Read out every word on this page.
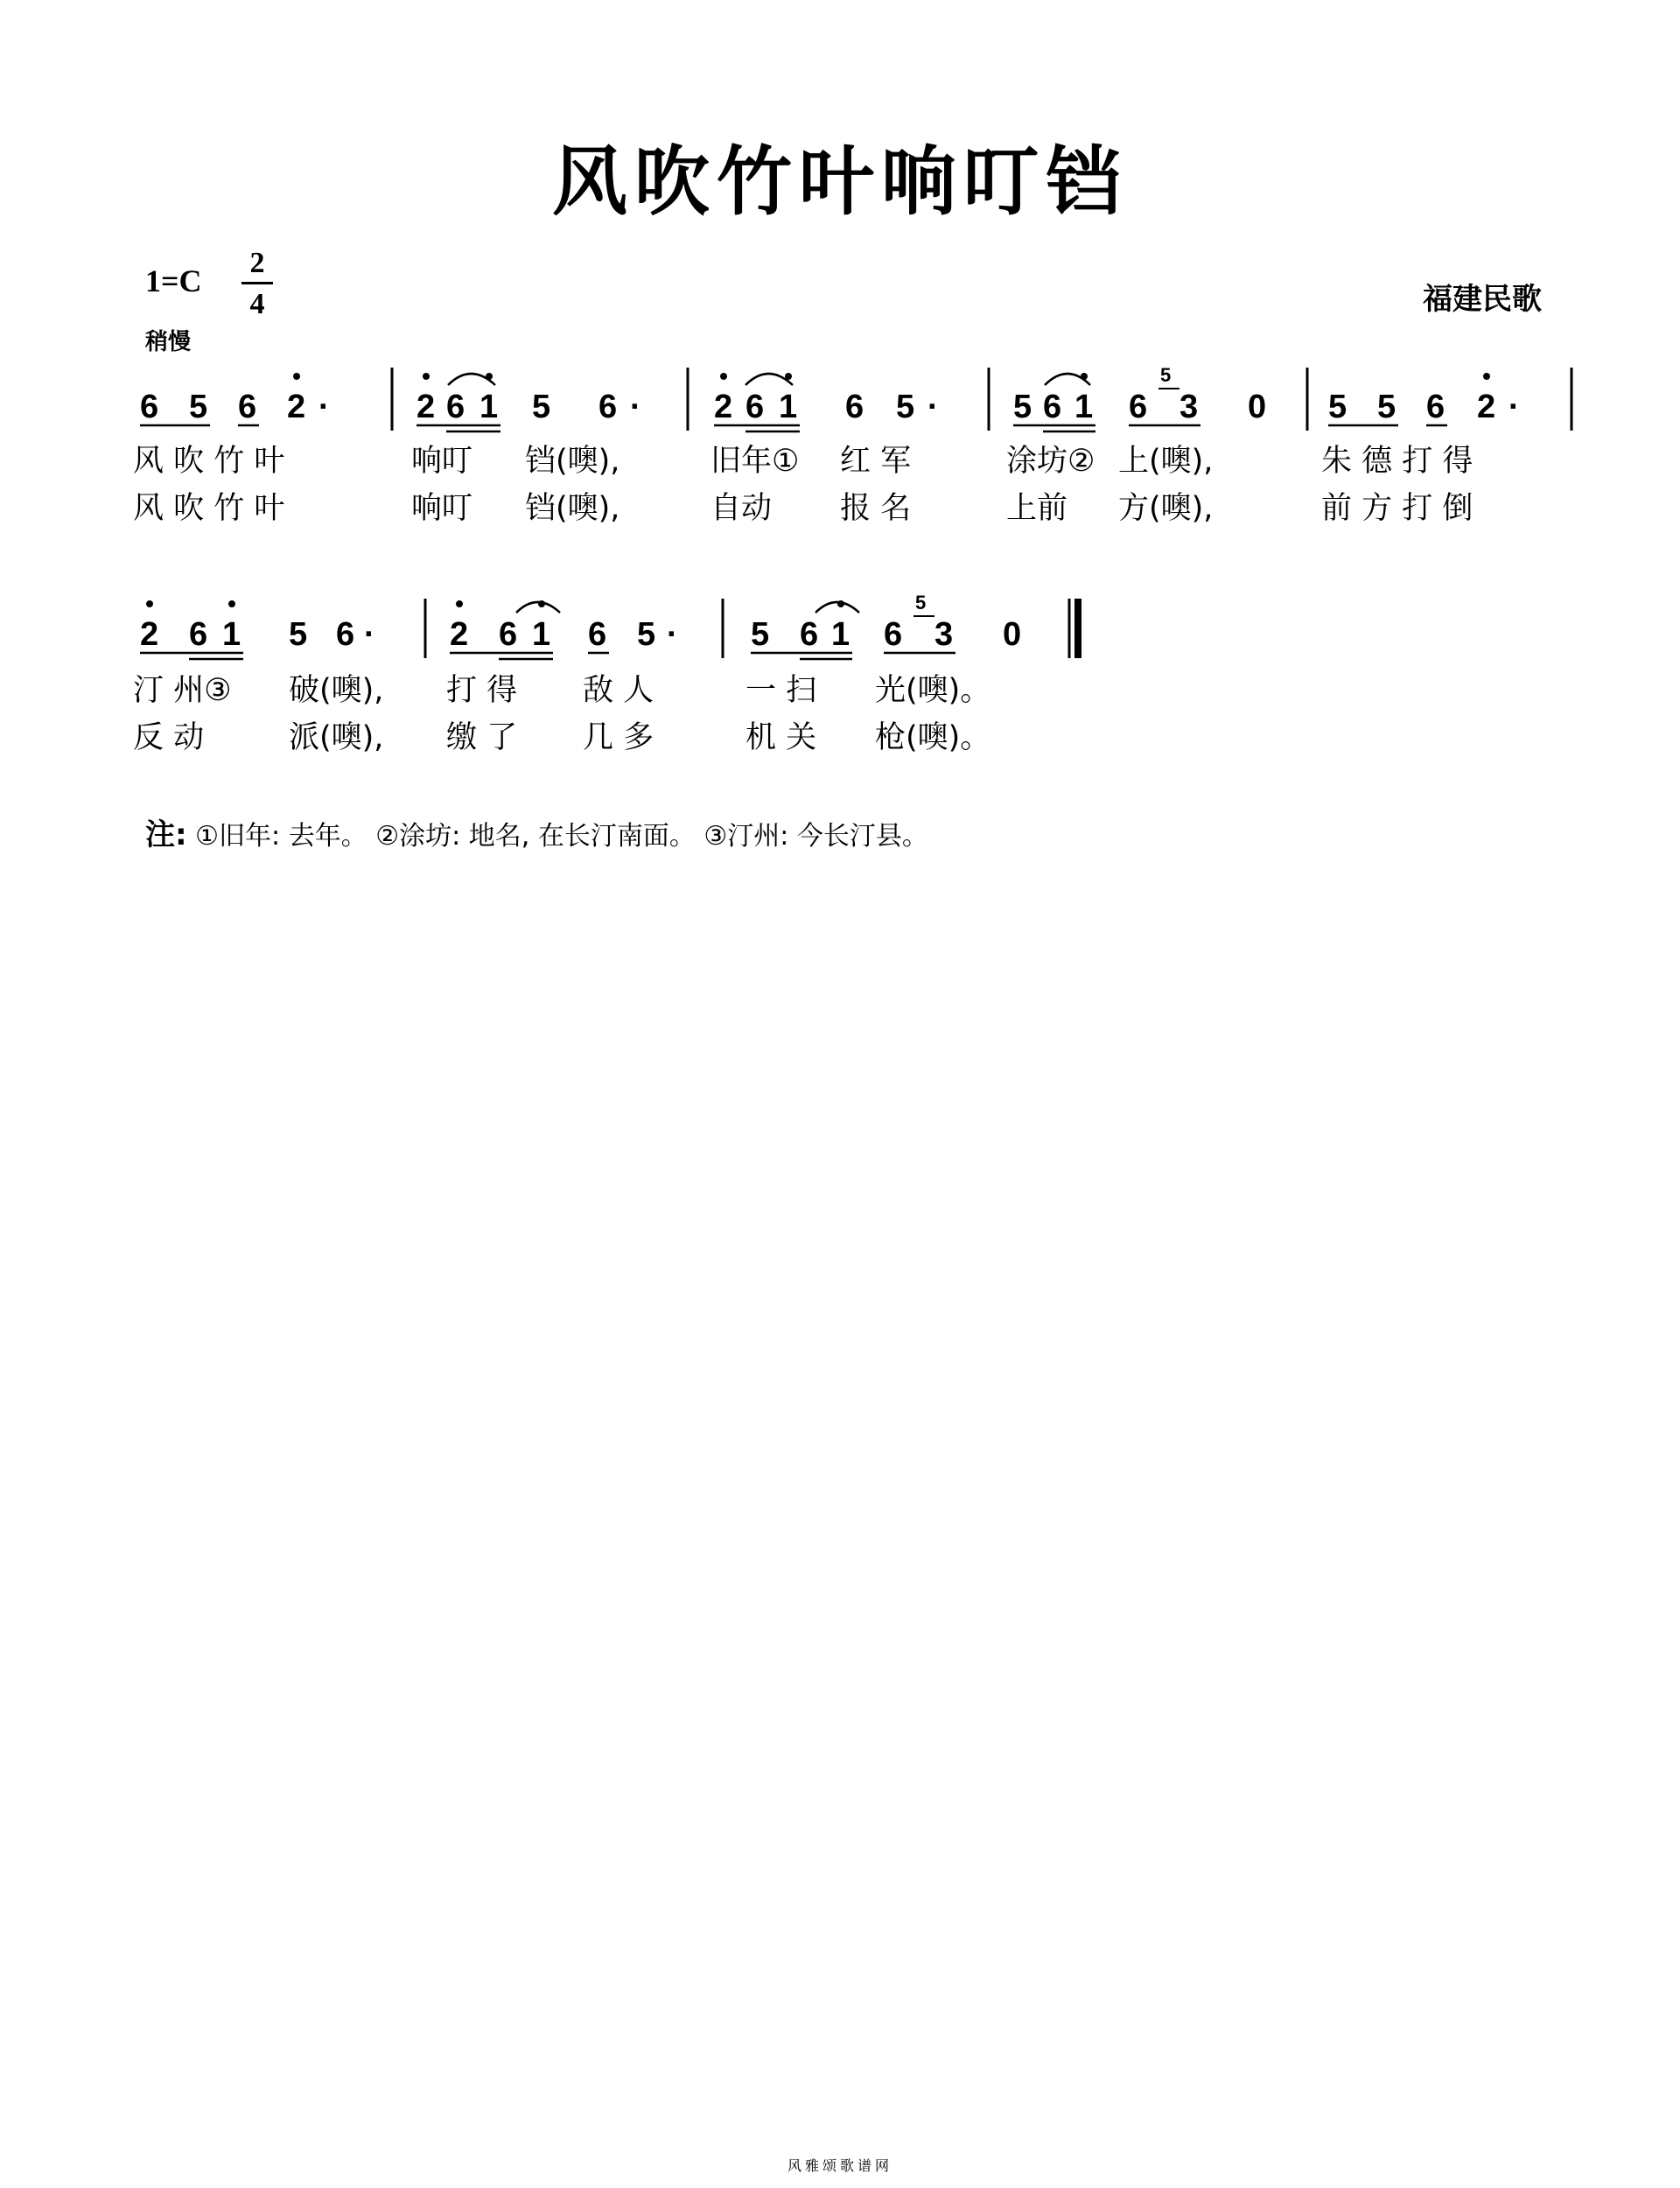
风吹竹叶响叮铛
1=C
2
4
稍慢
福建民歌
6 5 6 2 ·	2 6 1 5 6 · 2 6 1 6 5 · 5 6 1 6
5
3 0 5 5 6 2 ·
风 吹 竹 叶	响叮 铛(噢),	旧年① 红 军	涂坊② 上(噢),	朱 德 打 得
风 吹 竹 叶	响叮 铛(噢),	自动 报 名	上前 方(噢),	前 方 打 倒
2 6 1 5 6 · 2 6 1 6 5 · 5 6 1 6
5
3 0
汀 州③ 破(噢), 打 得 敌 人	一 扫 光(噢)。
反 动	派(噢), 缴 了 几 多	机 关 枪(噢)。
注: ①旧年: 去年。 ②涂坊: 地名, 在长汀南面。 ③汀州: 今长汀县。
风雅颂歌谱网
